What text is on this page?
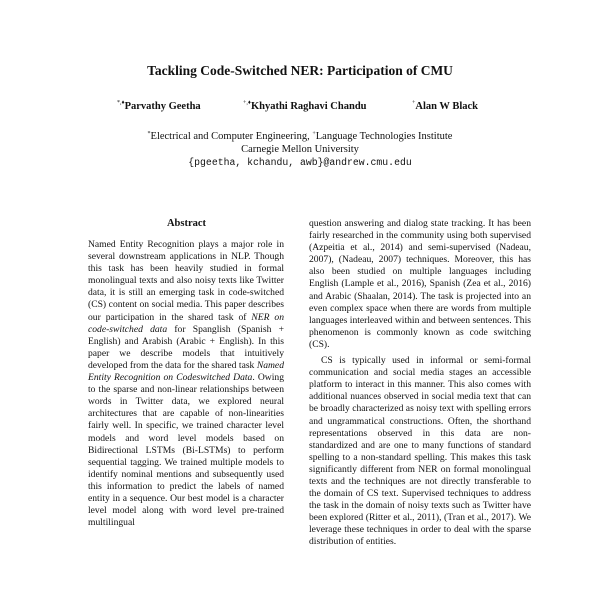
Tackling Code-Switched NER: Participation of CMU
*,♦Parvathy Geetha	+,♦Khyathi Raghavi Chandu	+Alan W Black
*Electrical and Computer Engineering, +Language Technologies Institute
Carnegie Mellon University
{pgeetha, kchandu, awb}@andrew.cmu.edu
Abstract

Named Entity Recognition plays a major role in several downstream applications in NLP. Though this task has been heavily studied in formal monolingual texts and also noisy texts like Twitter data, it is still an emerging task in code-switched (CS) content on social media. This paper describes our participation in the shared task of NER on code-switched data for Spanglish (Spanish + English) and Arabish (Arabic + English). In this paper we describe models that intuitively developed from the data for the shared task Named Entity Recognition on Codeswitched Data. Owing to the sparse and non-linear relationships between words in Twitter data, we explored neural architectures that are capable of non-linearities fairly well. In specific, we trained character level models and word level models based on Bidirectional LSTMs (Bi-LSTMs) to perform sequential tagging. We trained multiple models to identify nominal mentions and subsequently used this information to predict the labels of named entity in a sequence. Our best model is a character level model along with word level pre-trained multilingual

question answering and dialog state tracking. It has been fairly researched in the community using both supervised (Azpeitia et al., 2014) and semi-supervised (Nadeau, 2007), (Nadeau, 2007) techniques. Moreover, this has also been studied on multiple languages including English (Lample et al., 2016), Spanish (Zea et al., 2016) and Arabic (Shaalan, 2014). The task is projected into an even complex space when there are words from multiple languages interleaved within and between sentences. This phenomenon is commonly known as code switching (CS).

CS is typically used in informal or semi-formal communication and social media stages an accessible platform to interact in this manner. This also comes with additional nuances observed in social media text that can be broadly characterized as noisy text with spelling errors and ungrammatical constructions. Often, the shorthand representations observed in this data are non-standardized and are one to many functions of standard spelling to a non-standard spelling. This makes this task significantly different from NER on formal monolingual texts and the techniques are not directly transferable to the domain of CS text. Supervised techniques to address the task in the domain of noisy texts such as Twitter have been explored (Ritter et al., 2011), (Tran et al., 2017). We leverage these techniques in order to deal with the sparse distribution of entities.
